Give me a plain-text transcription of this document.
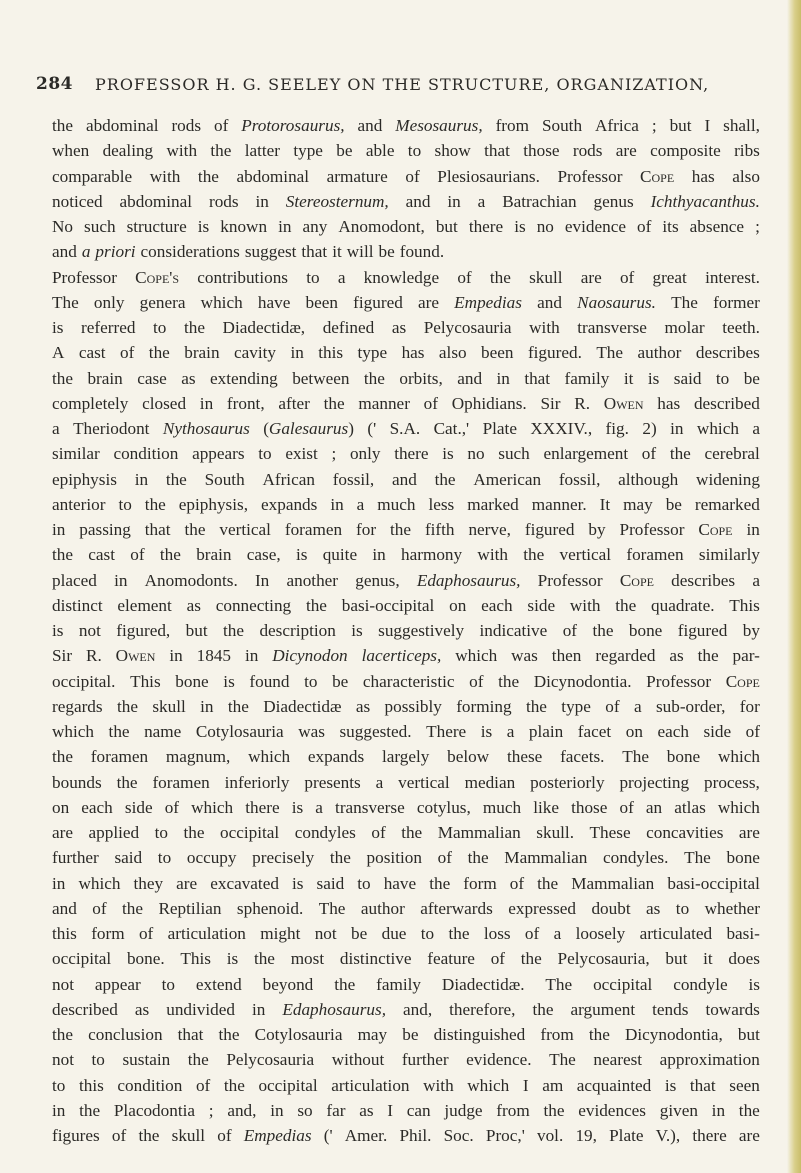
284 PROFESSOR H. G. SEELEY ON THE STRUCTURE, ORGANIZATION,
the abdominal rods of Protorosaurus, and Mesosaurus, from South Africa ; but I shall,
when dealing with the latter type be able to show that those rods are composite ribs
comparable with the abdominal armature of Plesiosaurians. Professor Cope has also
noticed abdominal rods in Stereosternum, and in a Batrachian genus Ichthyacanthus.
No such structure is known in any Anomodont, but there is no evidence of its absence ;
and a priori considerations suggest that it will be found.
Professor Cope's contributions to a knowledge of the skull are of great interest.
The only genera which have been figured are Empedias and Naosaurus. The former
is referred to the Diadectidæ, defined as Pelycosauria with transverse molar teeth.
A cast of the brain cavity in this type has also been figured. The author describes
the brain case as extending between the orbits, and in that family it is said to be
completely closed in front, after the manner of Ophidians. Sir R. Owen has described
a Theriodont Nythosaurus (Galesaurus) (' S.A. Cat.,' Plate XXXIV., fig. 2) in which a
similar condition appears to exist ; only there is no such enlargement of the cerebral
epiphysis in the South African fossil, and the American fossil, although widening
anterior to the epiphysis, expands in a much less marked manner. It may be remarked
in passing that the vertical foramen for the fifth nerve, figured by Professor Cope in
the cast of the brain case, is quite in harmony with the vertical foramen similarly
placed in Anomodonts. In another genus, Edaphosaurus, Professor Cope describes a
distinct element as connecting the basi-occipital on each side with the quadrate. This
is not figured, but the description is suggestively indicative of the bone figured by
Sir R. Owen in 1845 in Dicynodon lacerticeps, which was then regarded as the par-
occipital. This bone is found to be characteristic of the Dicynodontia. Professor Cope
regards the skull in the Diadectidæ as possibly forming the type of a sub-order, for
which the name Cotylosauria was suggested. There is a plain facet on each side of
the foramen magnum, which expands largely below these facets. The bone which
bounds the foramen inferiorly presents a vertical median posteriorly projecting process,
on each side of which there is a transverse cotylus, much like those of an atlas which
are applied to the occipital condyles of the Mammalian skull. These concavities are
further said to occupy precisely the position of the Mammalian condyles. The bone
in which they are excavated is said to have the form of the Mammalian basi-occipital
and of the Reptilian sphenoid. The author afterwards expressed doubt as to whether
this form of articulation might not be due to the loss of a loosely articulated basi-
occipital bone. This is the most distinctive feature of the Pelycosauria, but it does
not appear to extend beyond the family Diadectidæ. The occipital condyle is
described as undivided in Edaphosaurus, and, therefore, the argument tends towards
the conclusion that the Cotylosauria may be distinguished from the Dicynodontia, but
not to sustain the Pelycosauria without further evidence. The nearest approximation
to this condition of the occipital articulation with which I am acquainted is that seen
in the Placodontia ; and, in so far as I can judge from the evidences given in the
figures of the skull of Empedias (' Amer. Phil. Soc. Proc,' vol. 19, Plate V.), there are
